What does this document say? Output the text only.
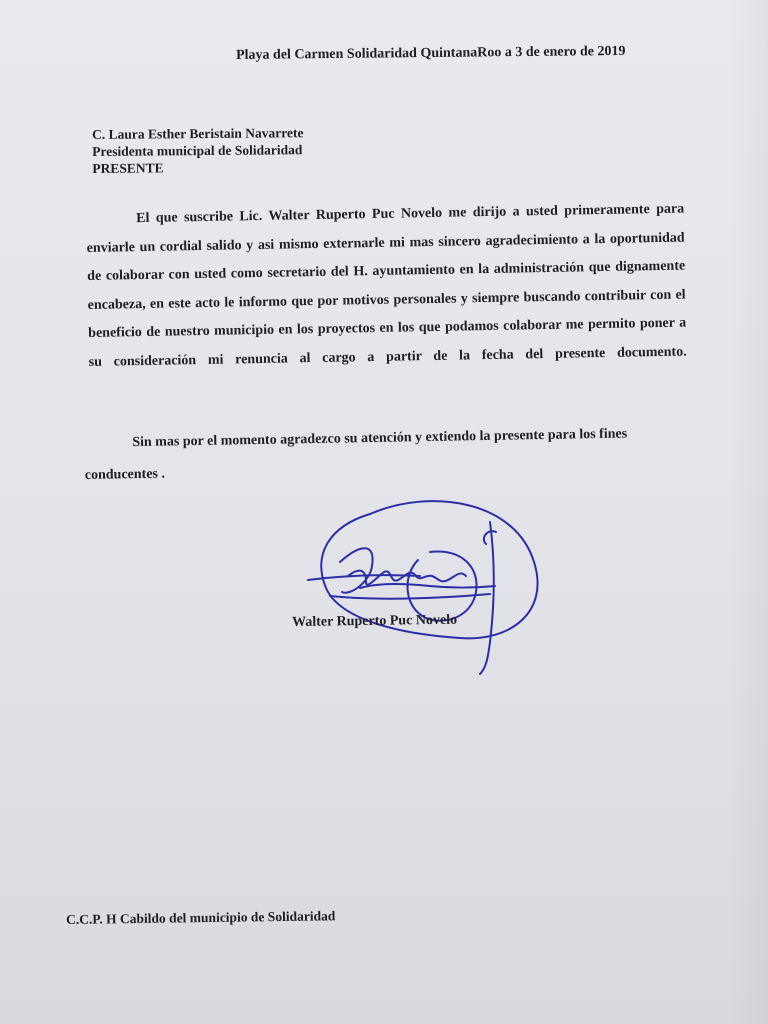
Playa del Carmen Solidaridad QuintanaRoo a 3 de enero de 2019
C. Laura Esther Beristain Navarrete
Presidenta municipal de Solidaridad
PRESENTE
El que suscribe Lic. Walter Ruperto Puc Novelo me dirijo a usted primeramente para enviarle un cordial salido y asi mismo externarle mi mas sincero agradecimiento a la oportunidad de colaborar con usted como secretario del H. ayuntamiento en la administración que dignamente encabeza, en este acto le informo que por motivos personales y siempre buscando contribuir con el beneficio de nuestro municipio en los proyectos en los que podamos colaborar me permito poner a su consideración mi renuncia al cargo a partir de la fecha del presente documento.
Sin mas por el momento agradezco su atención y extiendo la presente para los fines conducentes .
Walter Ruperto Puc Novelo
C.C.P. H Cabildo del municipio de Solidaridad
